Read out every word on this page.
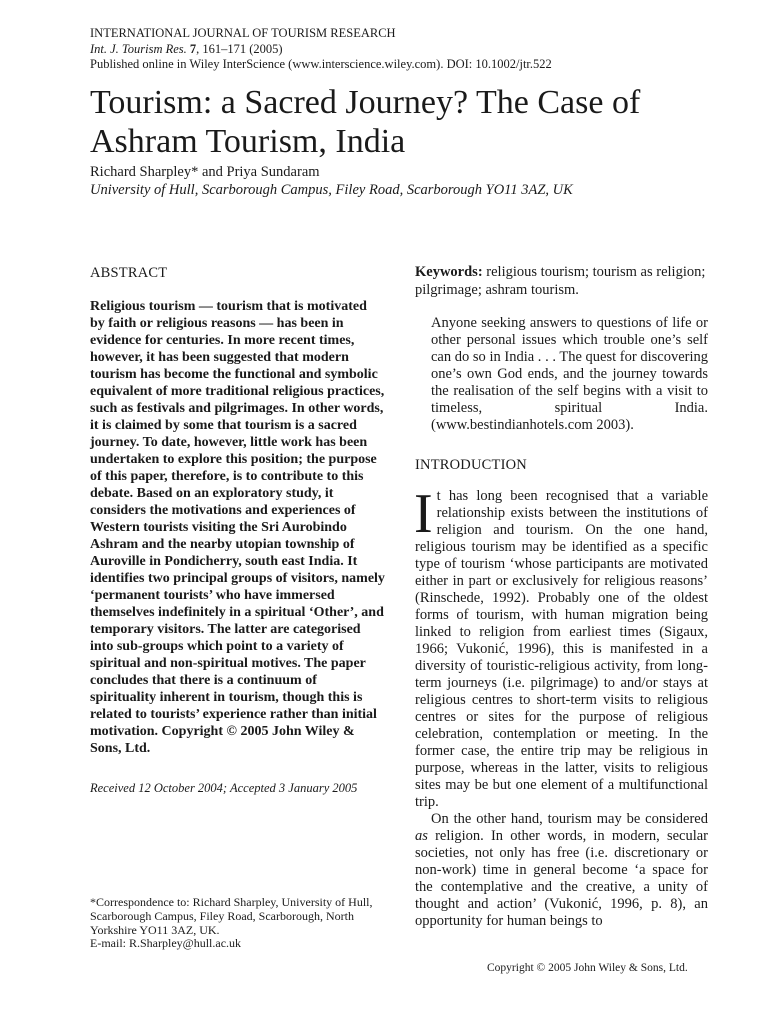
INTERNATIONAL JOURNAL OF TOURISM RESEARCH
Int. J. Tourism Res. 7, 161–171 (2005)
Published online in Wiley InterScience (www.interscience.wiley.com). DOI: 10.1002/jtr.522
Tourism: a Sacred Journey? The Case of Ashram Tourism, India
Richard Sharpley* and Priya Sundaram
University of Hull, Scarborough Campus, Filey Road, Scarborough YO11 3AZ, UK
ABSTRACT

Religious tourism — tourism that is motivated by faith or religious reasons — has been in evidence for centuries. In more recent times, however, it has been suggested that modern tourism has become the functional and symbolic equivalent of more traditional religious practices, such as festivals and pilgrimages. In other words, it is claimed by some that tourism is a sacred journey. To date, however, little work has been undertaken to explore this position; the purpose of this paper, therefore, is to contribute to this debate. Based on an exploratory study, it considers the motivations and experiences of Western tourists visiting the Sri Aurobindo Ashram and the nearby utopian township of Auroville in Pondicherry, south east India. It identifies two principal groups of visitors, namely ‘permanent tourists’ who have immersed themselves indefinitely in a spiritual ‘Other’, and temporary visitors. The latter are categorised into sub-groups which point to a variety of spiritual and non-spiritual motives. The paper concludes that there is a continuum of spirituality inherent in tourism, though this is related to tourists’ experience rather than initial motivation. Copyright © 2005 John Wiley & Sons, Ltd.

Received 12 October 2004; Accepted 3 January 2005

*Correspondence to: Richard Sharpley, University of Hull, Scarborough Campus, Filey Road, Scarborough, North Yorkshire YO11 3AZ, UK.

E-mail: R.Sharpley@hull.ac.uk

Keywords: religious tourism; tourism as religion; pilgrimage; ashram tourism.

Anyone seeking answers to questions of life or other personal issues which trouble one’s self can do so in India . . . The quest for discovering one’s own God ends, and the journey towards the realisation of the self begins with a visit to timeless, spiritual India. (www.bestindianhotels.com 2003).
INTRODUCTION

It has long been recognised that a variable relationship exists between the institutions of religion and tourism. On the one hand, religious tourism may be identified as a specific type of tourism ‘whose participants are motivated either in part or exclusively for religious reasons’ (Rinschede, 1992). Probably one of the oldest forms of tourism, with human migration being linked to religion from earliest times (Sigaux, 1966; Vukonić, 1996), this is manifested in a diversity of touristic-religious activity, from long-term journeys (i.e. pilgrimage) to and/or stays at religious centres to short-term visits to religious centres or sites for the purpose of religious celebration, contemplation or meeting. In the former case, the entire trip may be religious in purpose, whereas in the latter, visits to religious sites may be but one element of a multifunctional trip.

On the other hand, tourism may be considered as religion. In other words, in modern, secular societies, not only has free (i.e. discretionary or non-work) time in general become ‘a space for the contemplative and the creative, a unity of thought and action’ (Vukonić, 1996, p. 8), an opportunity for human beings to

Copyright © 2005 John Wiley & Sons, Ltd.
